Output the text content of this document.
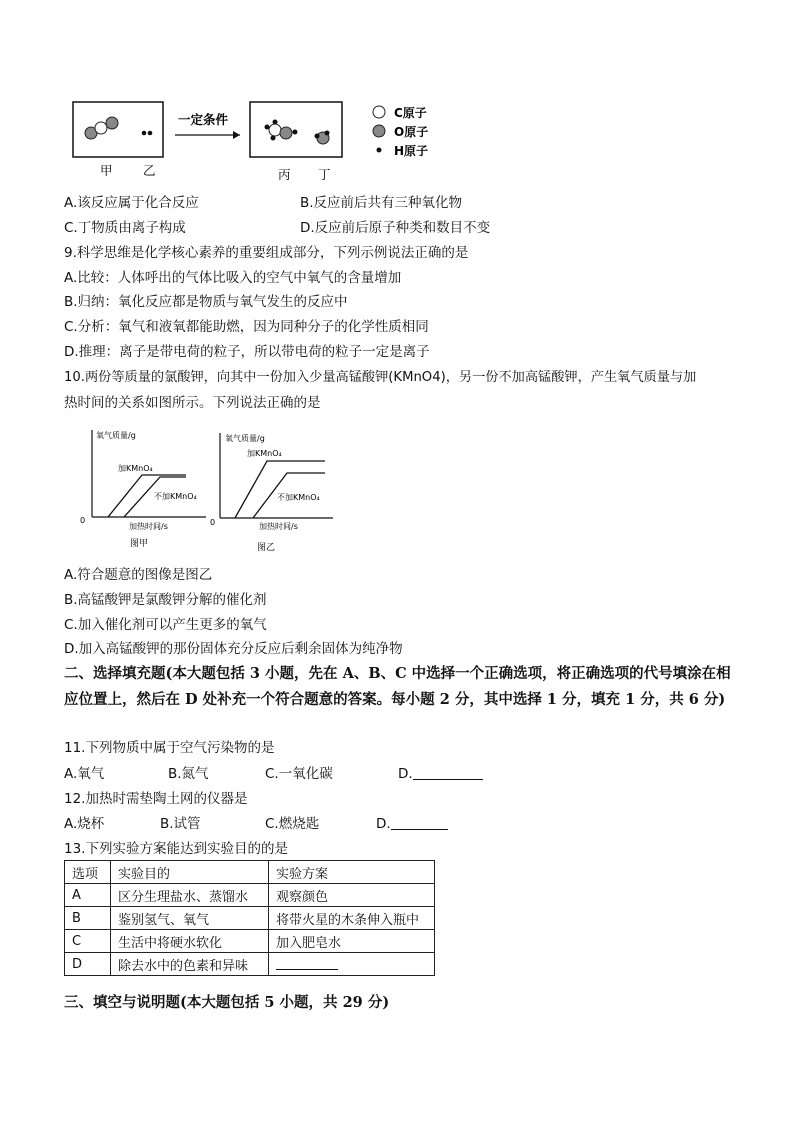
一定条件	C原子
O原子
H原子
甲 乙	丙 丁
A.该反应属于化合反应	B.反应前后共有三种氧化物
C.丁物质由离子构成	D.反应前后原子种类和数目不变
9.科学思维是化学核心素养的重要组成部分，下列示例说法正确的是
A.比较：人体呼出的气体比吸入的空气中氧气的含量增加
B.归纳：氧化反应都是物质与氧气发生的反应中
C.分析：氧气和液氧都能助燃，因为同种分子的化学性质相同
D.推理：离子是带电荷的粒子，所以带电荷的粒子一定是离子
10.两份等质量的氯酸钾，向其中一份加入少量高锰酸钾(KMnO4)，另一份不加高锰酸钾，产生氧气质量与加
热时间的关系如图所示。下列说法正确的是
氧气质量/g
0
加KMnO₄
不加KMnO₄
加热时间/s
图甲
氧气质量/g
0
加KMnO₄
不加KMnO₄
加热时间/s
图乙
A.符合题意的图像是图乙
B.高锰酸钾是氯酸钾分解的催化剂
C.加入催化剂可以产生更多的氧气
D.加入高锰酸钾的那份固体充分反应后剩余固体为纯净物
二、选择填充题(本大题包括 3 小题，先在 A、B、C 中选择一个正确选项，将正确选项的代号填涂在相应位置上，然后在 D 处补充一个符合题意的答案。每小题 2 分，其中选择 1 分，填充 1 分，共 6 分)
11.下列物质中属于空气污染物的是
A.氧气	B.氮气	C.一氧化碳	D.
12.加热时需垫陶土网的仪器是
A.烧杯	B.试管	C.燃烧匙	D.
13.下列实验方案能达到实验目的的是
选项	实验目的	实验方案
A	区分生理盐水、蒸馏水	观察颜色
B	鉴别氢气、氧气	将带火星的木条伸入瓶中
C	生活中将硬水软化	加入肥皂水
D	除去水中的色素和异味	
三、填空与说明题(本大题包括 5 小题，共 29 分)
